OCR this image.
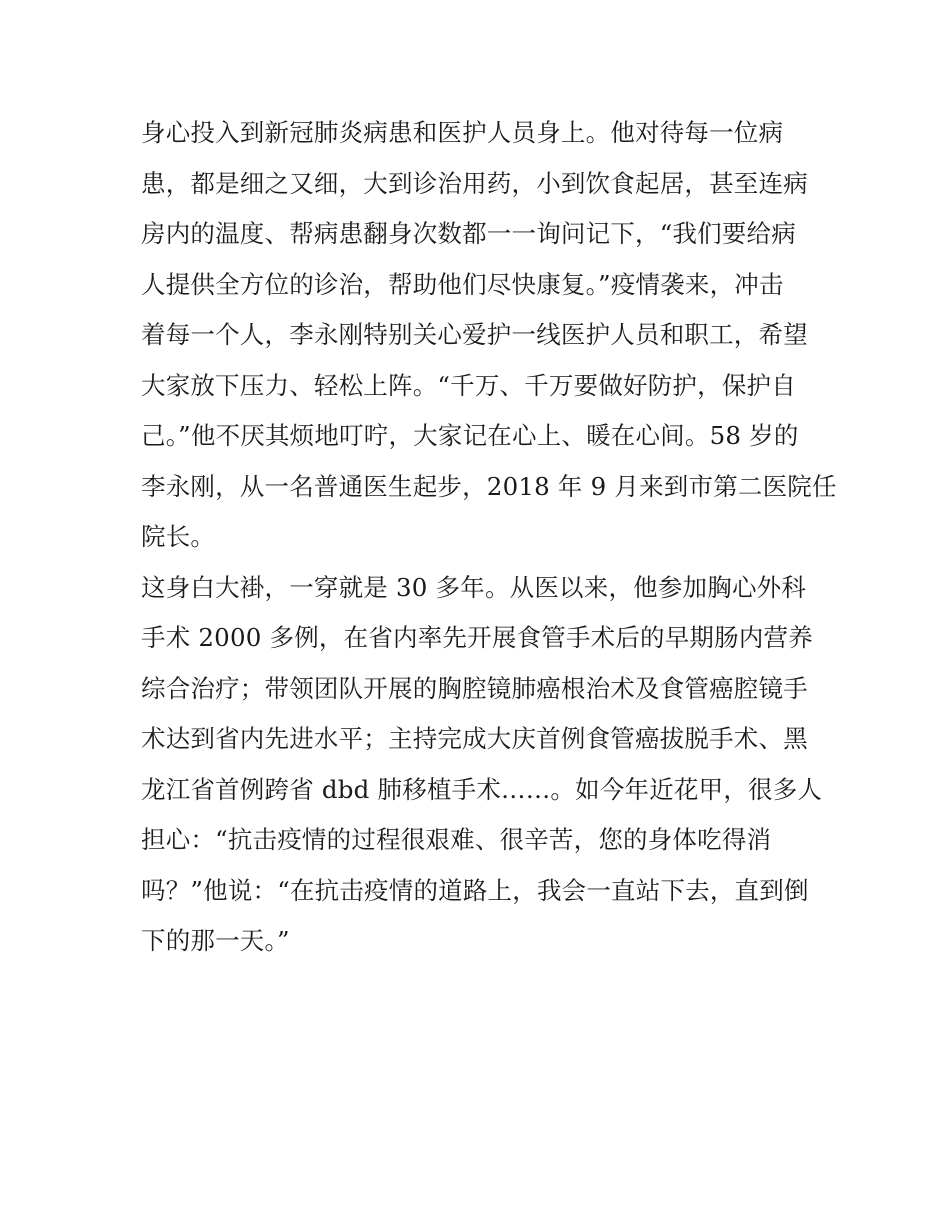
身心投入到新冠肺炎病患和医护人员身上。他对待每一位病
患，都是细之又细，大到诊治用药，小到饮食起居，甚至连病
房内的温度、帮病患翻身次数都一一询问记下，“我们要给病
人提供全方位的诊治，帮助他们尽快康复。”疫情袭来，冲击
着每一个人，李永刚特别关心爱护一线医护人员和职工，希望
大家放下压力、轻松上阵。“千万、千万要做好防护，保护自
己。”他不厌其烦地叮咛，大家记在心上、暖在心间。58 岁的
李永刚，从一名普通医生起步，2018 年 9 月来到市第二医院任
院长。
这身白大褂，一穿就是 30 多年。从医以来，他参加胸心外科
手术 2000 多例，在省内率先开展食管手术后的早期肠内营养
综合治疗；带领团队开展的胸腔镜肺癌根治术及食管癌腔镜手
术达到省内先进水平；主持完成大庆首例食管癌拔脱手术、黑
龙江省首例跨省 dbd 肺移植手术……。如今年近花甲，很多人
担心：“抗击疫情的过程很艰难、很辛苦，您的身体吃得消
吗？”他说：“在抗击疫情的道路上，我会一直站下去，直到倒
下的那一天。”
